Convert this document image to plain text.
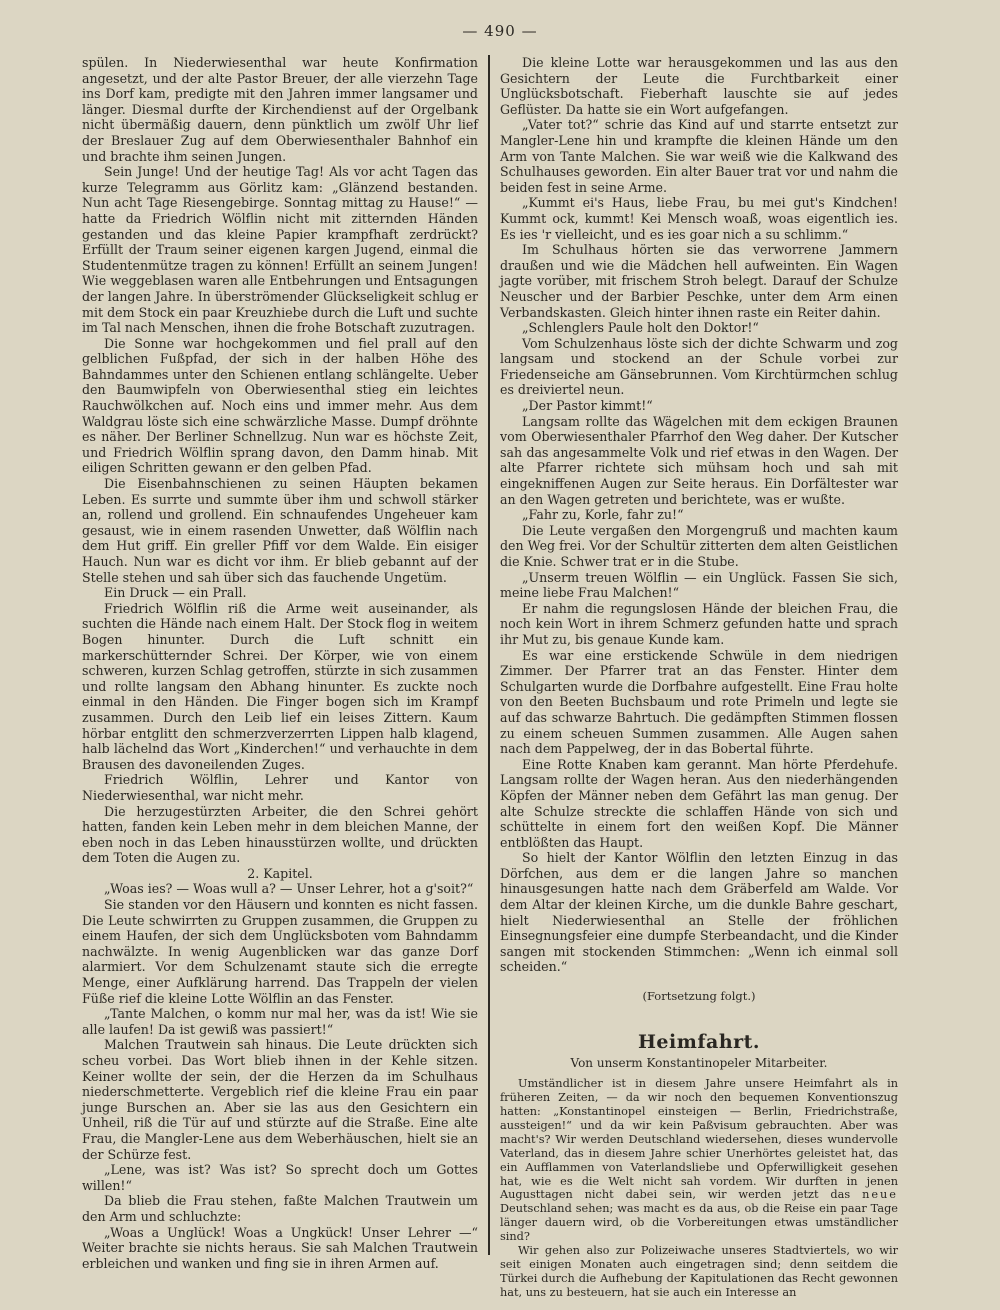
— 490 —

spülen. In Niederwiesenthal war heute Konfirmation angesetzt, und der alte Pastor Breuer, der alle vierzehn Tage ins Dorf kam, predigte mit den Jahren immer langsamer und länger. Diesmal durfte der Kirchendienst auf der Orgelbank nicht übermäßig dauern, denn pünktlich um zwölf Uhr lief der Breslauer Zug auf dem Oberwiesenthaler Bahnhof ein und brachte ihm seinen Jungen.

Sein Junge! Und der heutige Tag! Als vor acht Tagen das kurze Telegramm aus Görlitz kam: „Glänzend bestanden. Nun acht Tage Riesengebirge. Sonntag mittag zu Hause!“ — hatte da Friedrich Wölflin nicht mit zitternden Händen gestanden und das kleine Papier krampfhaft zerdrückt? Erfüllt der Traum seiner eigenen kargen Jugend, einmal die Studentenmütze tragen zu können! Erfüllt an seinem Jungen! Wie weggeblasen waren alle Entbehrungen und Entsagungen der langen Jahre. In überströmender Glückseligkeit schlug er mit dem Stock ein paar Kreuzhiebe durch die Luft und suchte im Tal nach Menschen, ihnen die frohe Botschaft zuzutragen.

Die Sonne war hochgekommen und fiel prall auf den gelblichen Fußpfad, der sich in der halben Höhe des Bahndammes unter den Schienen entlang schlängelte. Ueber den Baumwipfeln von Oberwiesenthal stieg ein leichtes Rauchwölkchen auf. Noch eins und immer mehr. Aus dem Waldgrau löste sich eine schwärzliche Masse. Dumpf dröhnte es näher. Der Berliner Schnellzug. Nun war es höchste Zeit, und Friedrich Wölflin sprang davon, den Damm hinab. Mit eiligen Schritten gewann er den gelben Pfad.

Die Eisenbahnschienen zu seinen Häupten bekamen Leben. Es surrte und summte über ihm und schwoll stärker an, rollend und grollend. Ein schnaufendes Ungeheuer kam gesaust, wie in einem rasenden Unwetter, daß Wölflin nach dem Hut griff. Ein greller Pfiff vor dem Walde. Ein eisiger Hauch. Nun war es dicht vor ihm. Er blieb gebannt auf der Stelle stehen und sah über sich das fauchende Ungetüm.

Ein Druck — ein Prall.

Friedrich Wölflin riß die Arme weit auseinander, als suchten die Hände nach einem Halt. Der Stock flog in weitem Bogen hinunter. Durch die Luft schnitt ein markerschütternder Schrei. Der Körper, wie von einem schweren, kurzen Schlag getroffen, stürzte in sich zusammen und rollte langsam den Abhang hinunter. Es zuckte noch einmal in den Händen. Die Finger bogen sich im Krampf zusammen. Durch den Leib lief ein leises Zittern. Kaum hörbar entglitt den schmerzverzerrten Lippen halb klagend, halb lächelnd das Wort „Kinderchen!“ und verhauchte in dem Brausen des davoneilenden Zuges.

Friedrich Wölflin, Lehrer und Kantor von Niederwiesenthal, war nicht mehr.

Die herzugestürzten Arbeiter, die den Schrei gehört hatten, fanden kein Leben mehr in dem bleichen Manne, der eben noch in das Leben hinausstürzen wollte, und drückten dem Toten die Augen zu.

2. Kapitel.

„Woas ies? — Woas wull a? — Unser Lehrer, hot a g'soit?“

Sie standen vor den Häusern und konnten es nicht fassen. Die Leute schwirrten zu Gruppen zusammen, die Gruppen zu einem Haufen, der sich dem Unglücksboten vom Bahndamm nachwälzte. In wenig Augenblicken war das ganze Dorf alarmiert. Vor dem Schulzenamt staute sich die erregte Menge, einer Aufklärung harrend. Das Trappeln der vielen Füße rief die kleine Lotte Wölflin an das Fenster.

„Tante Malchen, o komm nur mal her, was da ist! Wie sie alle laufen! Da ist gewiß was passiert!“

Malchen Trautwein sah hinaus. Die Leute drückten sich scheu vorbei. Das Wort blieb ihnen in der Kehle sitzen. Keiner wollte der sein, der die Herzen da im Schulhaus niederschmetterte. Vergeblich rief die kleine Frau ein paar junge Burschen an. Aber sie las aus den Gesichtern ein Unheil, riß die Tür auf und stürzte auf die Straße. Eine alte Frau, die Mangler-Lene aus dem Weberhäuschen, hielt sie an der Schürze fest.

„Lene, was ist? Was ist? So sprecht doch um Gottes willen!“

Da blieb die Frau stehen, faßte Malchen Trautwein um den Arm und schluchzte:

„Woas a Unglück! Woas a Ungkück! Unser Lehrer —“ Weiter brachte sie nichts heraus. Sie sah Malchen Trautwein erbleichen und wanken und fing sie in ihren Armen auf.

Die kleine Lotte war herausgekommen und las aus den Gesichtern der Leute die Furchtbarkeit einer Unglücksbotschaft. Fieberhaft lauschte sie auf jedes Geflüster. Da hatte sie ein Wort aufgefangen.

„Vater tot?“ schrie das Kind auf und starrte entsetzt zur Mangler-Lene hin und krampfte die kleinen Hände um den Arm von Tante Malchen. Sie war weiß wie die Kalkwand des Schulhauses geworden. Ein alter Bauer trat vor und nahm die beiden fest in seine Arme.

„Kummt ei's Haus, liebe Frau, bu mei gut's Kindchen! Kummt ock, kummt! Kei Mensch woaß, woas eigentlich ies. Es ies 'r vielleicht, und es ies goar nich a su schlimm.“

Im Schulhaus hörten sie das verworrene Jammern draußen und wie die Mädchen hell aufweinten. Ein Wagen jagte vorüber, mit frischem Stroh belegt. Darauf der Schulze Neuscher und der Barbier Peschke, unter dem Arm einen Verbandskasten. Gleich hinter ihnen raste ein Reiter dahin.

„Schlenglers Paule holt den Doktor!“

Vom Schulzenhaus löste sich der dichte Schwarm und zog langsam und stockend an der Schule vorbei zur Friedenseiche am Gänsebrunnen. Vom Kirchtürmchen schlug es dreiviertel neun.

„Der Pastor kimmt!“

Langsam rollte das Wägelchen mit dem eckigen Braunen vom Oberwiesenthaler Pfarrhof den Weg daher. Der Kutscher sah das angesammelte Volk und rief etwas in den Wagen. Der alte Pfarrer richtete sich mühsam hoch und sah mit eingekniffenen Augen zur Seite heraus. Ein Dorfältester war an den Wagen getreten und berichtete, was er wußte.

„Fahr zu, Korle, fahr zu!“

Die Leute vergaßen den Morgengruß und machten kaum den Weg frei. Vor der Schultür zitterten dem alten Geistlichen die Knie. Schwer trat er in die Stube.

„Unserm treuen Wölflin — ein Unglück. Fassen Sie sich, meine liebe Frau Malchen!“

Er nahm die regungslosen Hände der bleichen Frau, die noch kein Wort in ihrem Schmerz gefunden hatte und sprach ihr Mut zu, bis genaue Kunde kam.

Es war eine erstickende Schwüle in dem niedrigen Zimmer. Der Pfarrer trat an das Fenster. Hinter dem Schulgarten wurde die Dorfbahre aufgestellt. Eine Frau holte von den Beeten Buchsbaum und rote Primeln und legte sie auf das schwarze Bahrtuch. Die gedämpften Stimmen flossen zu einem scheuen Summen zusammen. Alle Augen sahen nach dem Pappelweg, der in das Bobertal führte.

Eine Rotte Knaben kam gerannt. Man hörte Pferdehufe. Langsam rollte der Wagen heran. Aus den niederhängenden Köpfen der Männer neben dem Gefährt las man genug. Der alte Schulze streckte die schlaffen Hände von sich und schüttelte in einem fort den weißen Kopf. Die Männer entblößten das Haupt.

So hielt der Kantor Wölflin den letzten Einzug in das Dörfchen, aus dem er die langen Jahre so manchen hinausgesungen hatte nach dem Gräberfeld am Walde. Vor dem Altar der kleinen Kirche, um die dunkle Bahre geschart, hielt Niederwiesenthal an Stelle der fröhlichen Einsegnungsfeier eine dumpfe Sterbeandacht, und die Kinder sangen mit stockenden Stimmchen: „Wenn ich einmal soll scheiden.“

(Fortsetzung folgt.)

Heimfahrt.

Von unserm Konstantinopeler Mitarbeiter.

Umständlicher ist in diesem Jahre unsere Heimfahrt als in früheren Zeiten, — da wir noch den bequemen Konventionszug hatten: „Konstantinopel einsteigen — Berlin, Friedrichstraße, aussteigen!“ und da wir kein Paßvisum gebrauchten. Aber was macht's? Wir werden Deutschland wiedersehen, dieses wundervolle Vaterland, das in diesem Jahre schier Unerhörtes geleistet hat, das ein Aufflammen von Vaterlandsliebe und Opferwilligkeit gesehen hat, wie es die Welt nicht sah vordem. Wir durften in jenen Augusttagen nicht dabei sein, wir werden jetzt das neue Deutschland sehen; was macht es da aus, ob die Reise ein paar Tage länger dauern wird, ob die Vorbereitungen etwas umständlicher sind?

Wir gehen also zur Polizeiwache unseres Stadtviertels, wo wir seit einigen Monaten auch eingetragen sind; denn seitdem die Türkei durch die Aufhebung der Kapitulationen das Recht gewonnen hat, uns zu besteuern, hat sie auch ein Interesse an
